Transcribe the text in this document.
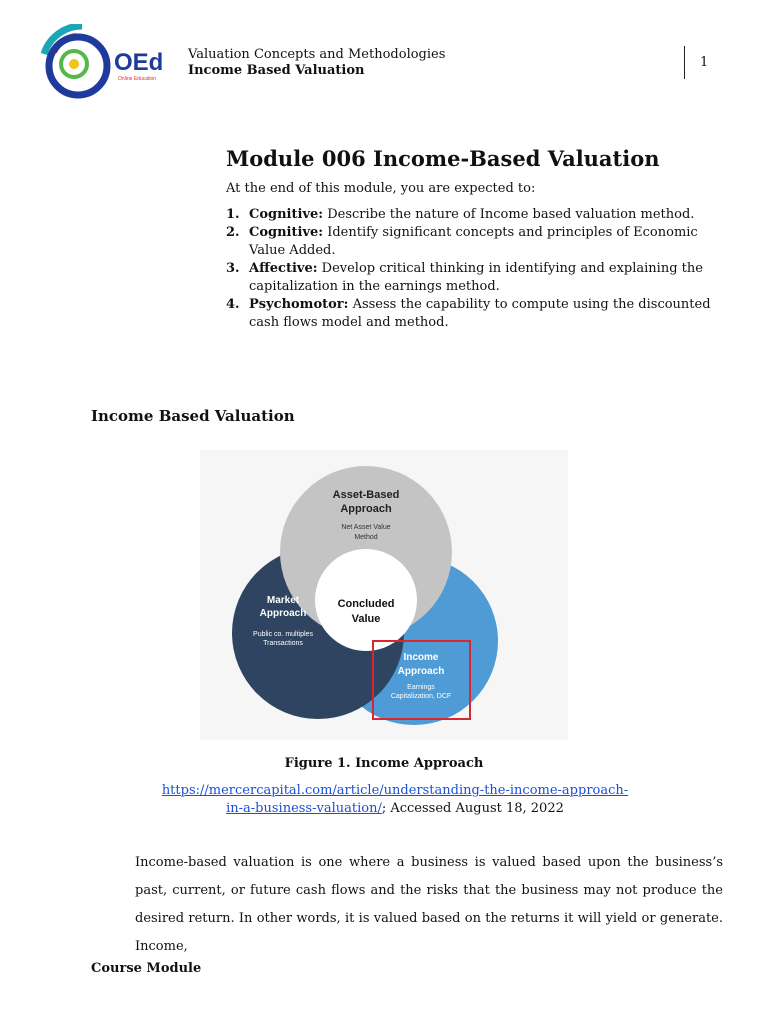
OEd
Online Education
Valuation Concepts and Methodologies
Income Based Valuation
1
Module 006 Income-Based Valuation
At the end of this module, you are expected to:
1. Cognitive: Describe the nature of Income based valuation method.
2. Cognitive: Identify significant concepts and principles of Economic Value Added.
3. Affective: Develop critical thinking in identifying and explaining the capitalization in the earnings method.
4. Psychomotor: Assess the capability to compute using the discounted cash flows model and method.
Income Based Valuation
Asset-Based
Approach
Net Asset Value
Method
Market
Approach
Public co. multiples
Transactions
Concluded
Value
Income
Approach
Earnings
Capitalization, DCF
Figure 1. Income Approach
https://mercercapital.com/article/understanding-the-income-approach-
in-a-business-valuation/; Accessed August 18, 2022
Income-based valuation is one where a business is valued based upon the business’s past, current, or future cash flows and the risks that the business may not produce the desired return. In other words, it is valued based on the returns it will yield or generate. Income,
Course Module
